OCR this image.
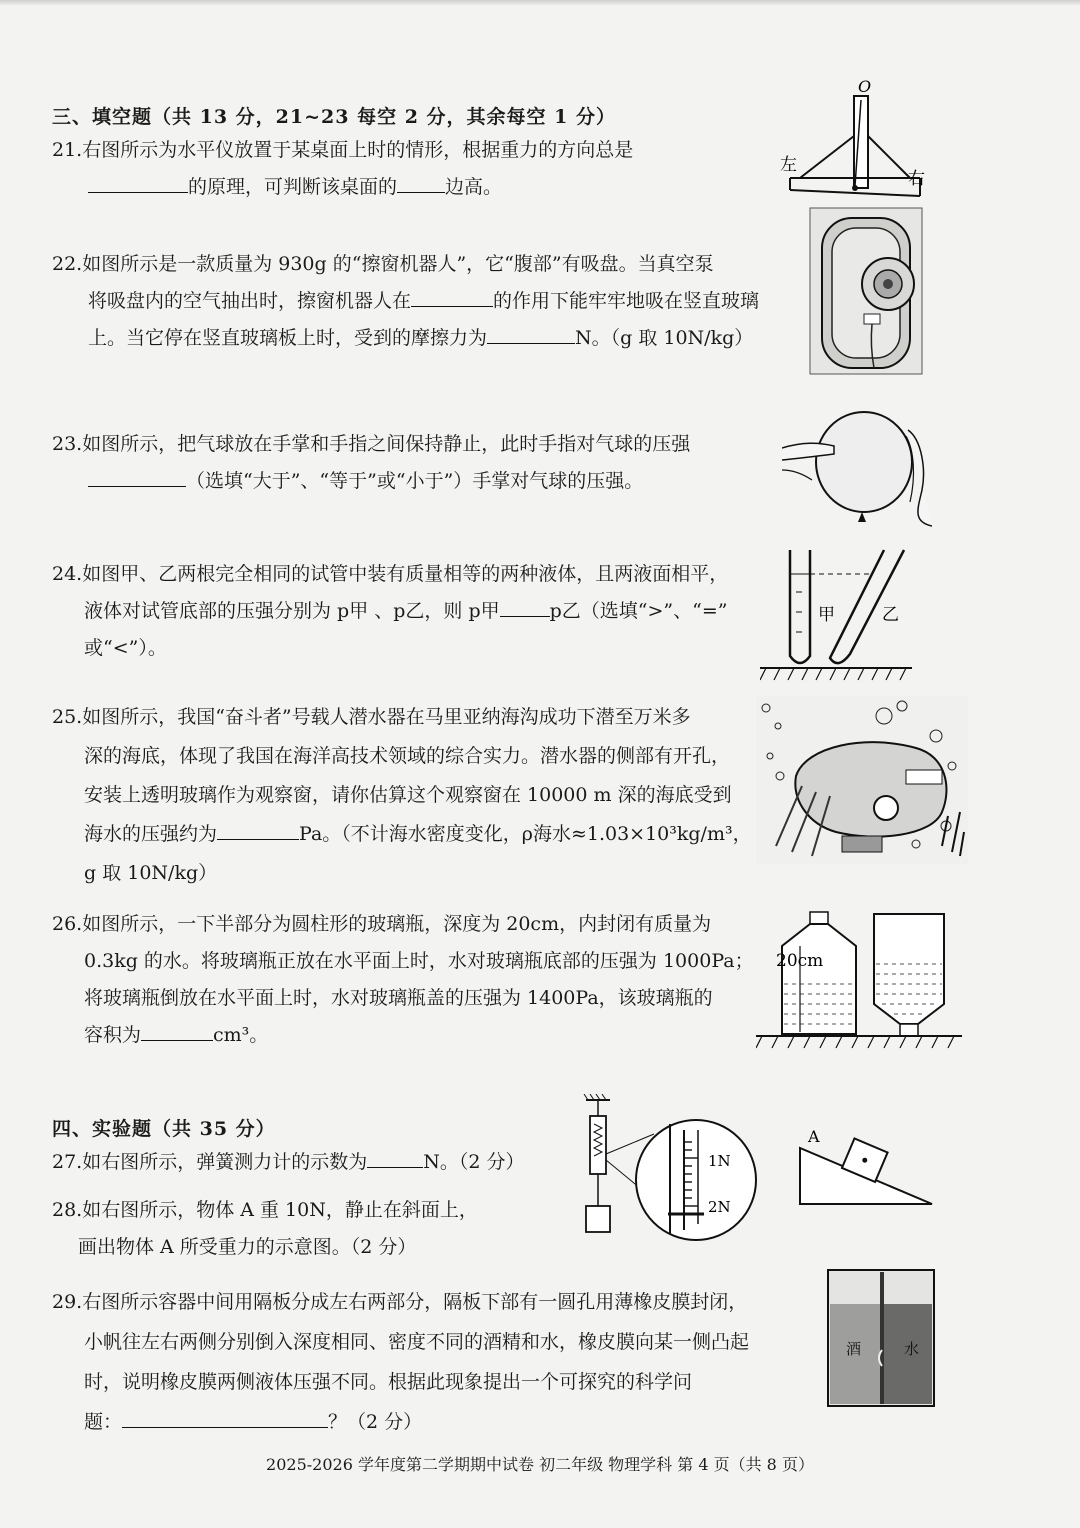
三、填空题（共 13 分，21~23 每空 2 分，其余每空 1 分）
21.右图所示为水平仪放置于某桌面上时的情形，根据重力的方向总是
的原理，可判断该桌面的	边高。
O
左
右
22.如图所示是一款质量为 930g 的“擦窗机器人”，它“腹部”有吸盘。当真空泵
将吸盘内的空气抽出时，擦窗机器人在	的作用下能牢牢地吸在竖直玻璃
上。当它停在竖直玻璃板上时，受到的摩擦力为	N。（g 取 10N/kg）
23.如图所示，把气球放在手掌和手指之间保持静止，此时手指对气球的压强
（选填“大于”、“等于”或“小于”）手掌对气球的压强。
24.如图甲、乙两根完全相同的试管中装有质量相等的两种液体，且两液面相平，
液体对试管底部的压强分别为 p甲 、p乙，则 p甲	p乙（选填“>”、“=”
或“<”）。
甲	乙
25.如图所示，我国“奋斗者”号载人潜水器在马里亚纳海沟成功下潜至万米多
深的海底，体现了我国在海洋高技术领域的综合实力。潜水器的侧部有开孔，
安装上透明玻璃作为观察窗，请你估算这个观察窗在 10000 m 深的海底受到
海水的压强约为	Pa。（不计海水密度变化，ρ海水≈1.03×10³kg/m³，
g 取 10N/kg）
26.如图所示，一下半部分为圆柱形的玻璃瓶，深度为 20cm，内封闭有质量为
0.3kg 的水。将玻璃瓶正放在水平面上时，水对玻璃瓶底部的压强为 1000Pa；
将玻璃瓶倒放在水平面上时，水对玻璃瓶盖的压强为 1400Pa，该玻璃瓶的
容积为	cm³。
20cm
四、实验题（共 35 分）
27.如右图所示，弹簧测力计的示数为	N。（2 分）
28.如右图所示，物体 A 重 10N，静止在斜面上，
画出物体 A 所受重力的示意图。（2 分）
1N
2N
A
29.右图所示容器中间用隔板分成左右两部分，隔板下部有一圆孔用薄橡皮膜封闭，
小帆往左右两侧分别倒入深度相同、密度不同的酒精和水，橡皮膜向某一侧凸起
时，说明橡皮膜两侧液体压强不同。根据此现象提出一个可探究的科学问
题：	？（2 分）
酒	水
2025-2026 学年度第二学期期中试卷 初二年级 物理学科 第 4 页（共 8 页）
